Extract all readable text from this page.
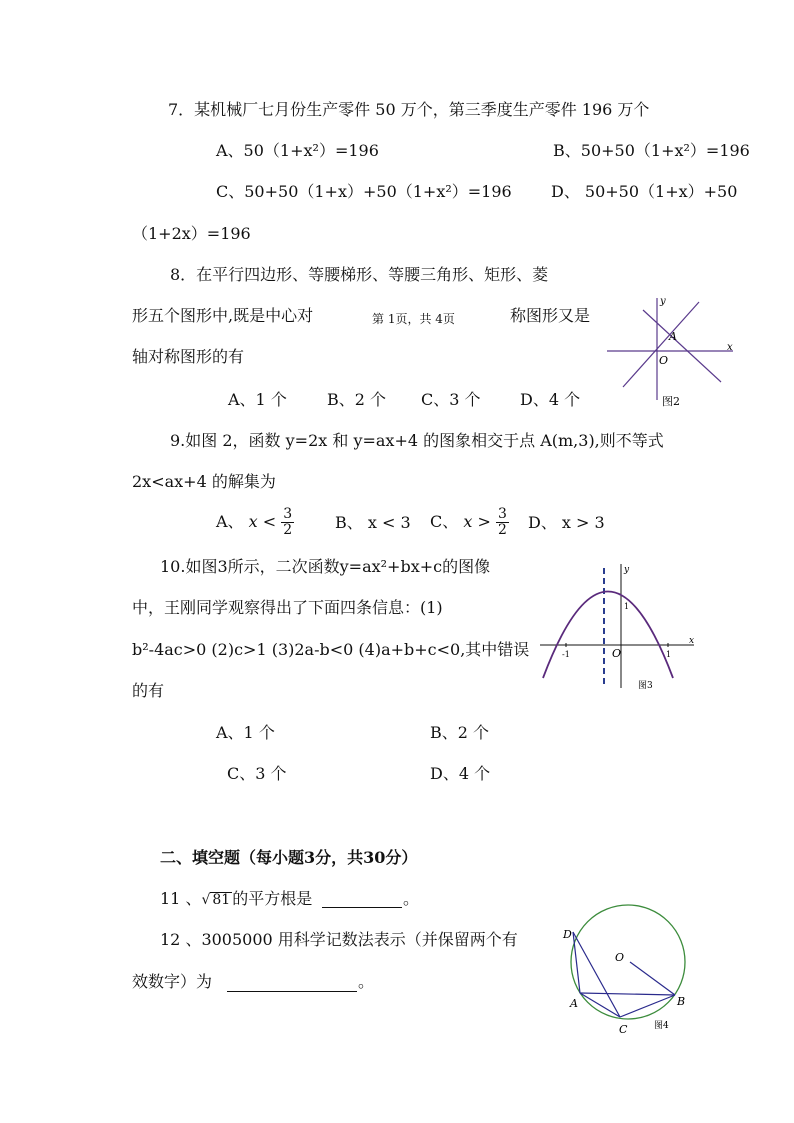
7．某机械厂七月份生产零件 50 万个，第三季度生产零件 196 万个
A、50（1+x²）=196	B、50+50（1+x²）=196
C、50+50（1+x）+50（1+x²）=196 D、 50+50（1+x）+50
（1+2x）=196
8．在平行四边形、等腰梯形、等腰三角形、矩形、菱
形五个图形中,既是中心对	第 1页，共 4页	称图形又是
轴对称图形的有
A、1 个	B、2 个 C、3 个 D、4 个
y
x
A
O
图2
9.如图 2，函数 y=2x 和 y=ax+4 的图象相交于点 A(m,3),则不等式
2x<ax+4 的解集为
A、 $x < \frac{3}{2}$	B、 x < 3 C、 $x > \frac{3}{2}$ D、 x > 3
10.如图3所示，二次函数y=ax²+bx+c的图像
中，王刚同学观察得出了下面四条信息：(1)
b²-4ac>0 (2)c>1 (3)2a-b<0 (4)a+b+c<0,其中错误
的有
A、1 个	B、2 个
C、3 个	D、4 个
y
x
1
-1	1
O
图3
二、填空题（每小题3分，共30分）
11 、√ 81 的平方根是	。
12 、3005000 用科学记数法表示（并保留两个有
效数字）为	。
D
O
A	B
C	图4
